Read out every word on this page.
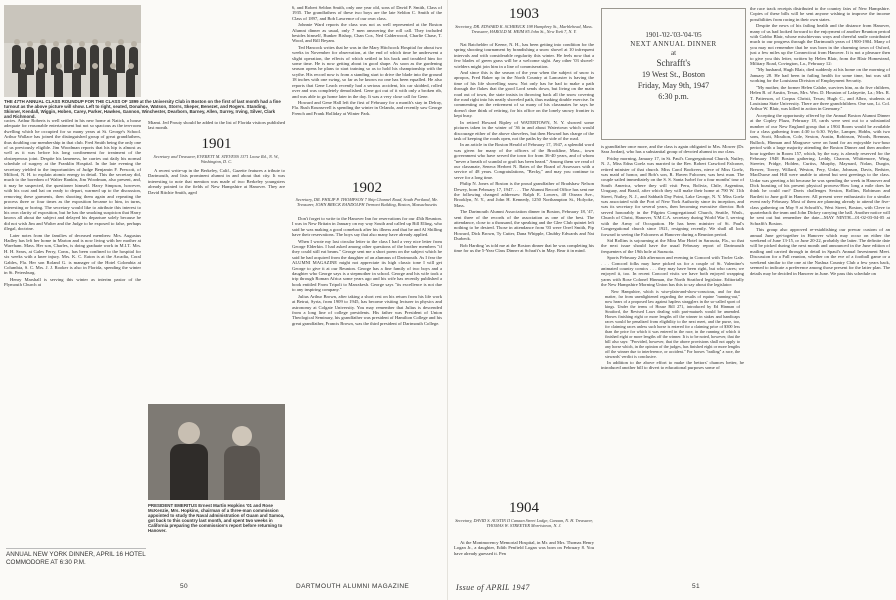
THE 47TH ANNUAL CLASS ROUNDUP FOR THE CLASS OF 1899 at the University Club in Boston on the first of last month had a fine turnout as the above picture will show. Left to right, seated, Donahoe, Watson, Storrs, Skeper, Benezet, and Rogers. Standing, Skinner, Kendall, Wiggin, Hoben, Carey, Parker, Hawkes, Gannon, Winchester, Dearborn, Barney, Allen, Surrey, Irving, Silver, Clark and Richmond.

cacies. Arthur Roberts is well settled in his new home at Natick, a house adequate for reasonable entertainment but not so spacious as the ten-room dwelling which he occupied for so many years at St. George's School. Arthur Wallace has joined the distinguished group of great grandfathers, thus doubling our membership in that club. Fred Smith being the only one of us previously eligible. Jim Woodman reports that his hip is almost as well as it was before his long confinement for treatment of the obstreperous joint. Despite his lameness, he carries out daily his normal schedule of surgery at the Franklin Hospital. In the late evening the secretary yielded to the importunities of Judge Benjamin F. Prescott, of Milford, N. H. to explain atomic energy in detail. This the secretary did, much to the boredom of Walter Rankin, Jim Woodman, also present, and, it may be suspected, the questioner himself. Harry Simpson, however, with his coat and hat on ready to depart, warmed up to the discussion, removing these garments, then shooting them again and repeating the process three or four times as the exposition became to him, in turns, interesting or boring. The secretary would like to attribute this interest to his own clarity of exposition, but he has the smoking suspicion that Harry knows all about the subject and delayed his departure solely because he did not wish Jim and Walter and the Judge to be exposed to false, perhaps illegal, doctrine.

Later notes from the families of deceased members: Mrs. Augustus Hadley has left her home in Marion and is now living with her mother at Wareham. Mass. Her son, Charles, is doing graduate work in M.I.T. Mrs. H. H. Sears, at Gales Ferry, Conn., has been confined to the hospital for six weeks with a knee injury. Mrs. K. C. Eaton is at the Arcadia, Coral Gables, Fla. Her son Roland G. is manager of the Hotel Colombia at Columbia, S. C. Mrs. J. J. Rooker is also in Florida, spending the winter in St. Petersburg.

Henry Marshall is serving this winter as interim pastor of the Plymouth Church at

ANNUAL NEW YORK DINNER, APRIL 16 HOTEL COMMODORE AT 6:30 P.M.

Miami. Jed Prouty should be added to the list of Florida visitors published last month.

1901
Secretary and Treasurer, EVERETT M. STEVENS 1371 Loose Rd., N. W., Washington, D. C.

A recent write-up in the Berkeley, Calif., Gazette features a tribute to Dartmouth, and lists prominent alumni in and about that city. It was interesting to note that mention was made of two Berkeley youngsters already pointed to the fields of New Hampshire at Hanover. They are David Ritchie Smith, aged

PRESIDENT EMERITUS Ernest Martin Hopkins '01 and Rose McKenzie, Mrs. Hopkins, chairman of a three-man commission appointed to study the Naval administration of Guam and Samoa, got back to this country last month, and spent two weeks in California preparing the commission's report before returning to Hanover.

6, and Robert Seldon Smith, only one year old, sons of David P. Smith, Class of 1935. The grandfathers of these two boys are the late Seldon C. Smith of the Class of 1897, and Bob Lawrence of our own class.

Johnnie Ward reports the class was not as well represented at the Boston Alumni dinner as usual, only 7 men answering the roll call. They included besides himself, Bunker Bishop, Chan Cox, Ned Calderwood, Charlie Chase, T. Wood, and Bill Beyam.

Ted Hancock writes that he was in the Mary Hitchcock Hospital for about two weeks in November for observation, at the end of which time he underwent a slight operation, the effects of which settled in his back and troubled him for some time. He is now getting about in good shape. As soon as the gardening season opens he plans to start training so as to hold his championship with the scythe. His record now is from a standing start to drive the blade into the ground 18 inches with one swing, so far as he knows no one has been equalled. He also reports that Gene Leach recently had a serious accident, his car skidded, rolled over and was completely demolished. Gene got out of it with only a broken rib, and was able to go home later in the day. It was a very close call for Gene.

Howard and Gene Hall left the first of February for a month's stay in Delray, Fla. Rush Rounsevell is spending the winter in Orlando, and recently saw George French and Frank Holliday at Winter Park.

1902
Secretary, DR. PHILIP P. THOMPSON 7 Ship Channel Road, South Portland, Me. Treasurer, JOHN BRECK RANDOLPH Tremont Building, Boston, Massachusetts

Don't forget to write to the Hanover Inn for reservations for our 45th Reunion. I was in New Britain in January on my way South and called up Bill Elling, who said he was making a good comeback after his illness and that he and Al Shilling have their reservations. The boys say that also many have already applied.

When I wrote my last circular letter to the class I had a very nice letter from George Elderkin. I had asked among other questions of the brother members "if they could still eat beans." George sent me a short poem on the subject which he said he had acquired from the daughter of an alumnus of Dartmouth. As I fear the ALUMNI MAGAZINE might not appreciate its high classic tone I will get George to give it at our Reunion. George has a fine family of two boys and a daughter who George says is a stepmother in school. George and his wife took a trip through Roman Africa some years ago and his wife has recently published a book entitled From Tripoli to Marrakesh. George says "its excellence is not due to any inspiring company."

Julius Arthur Brown, after taking a short rest on his return from his life work at Beirut, Syria, from 1909 to 1945, has become visiting lecturer in physics and astronomy at Colgate University. You may remember that Julius is descended from a long line of college presidents. His father was President of Union Theological Seminary, his grandfather was president of Hamilton College and his great grandfather, Francis Brown, was the third president of Dartmouth College.

50	DARTMOUTH ALUMNI MAGAZINE
1903
Secretary, DR. EDWARD K. SCHREICK 198 Humphrey St., Marblehead, Mass. Treasurer, HAROLD M. HEIM 85 John St., New York 7, N. Y.

Nat Batchelder of Keene, N. H., has been getting into condition for the spring shooting tournament by brandishing a snow shovel at 10 infrequent intervals and with considerable regularity this winter. He feels now that a few blades of green grass will be a welcome sight. Any other '03 shovel-wielders might join him in a line of commiseration.

And since this is the season of the year when the subject of snow is apropos, Fred Baker up in the North Country at Lancaster is having the time of his life shovelling snow. Not only has he had to make a path through the flakes that the good Lord sends down, but living on the main road out of town, the state insists in throwing back all the snow covering the road right into his neatly shoveled path, thus making double exercise. In commenting on the retirement of so many of his classmates he says he doesn't dare think of retiring, for his office on the lonely snowy frontier is kept busy.

In retired Howard Ripley of WATERTOWN, N. Y. showed some pictures taken in the winter of '36 in and about Watertown which would discourage either of the above shovelers, but then Howard has charge of the task of keeping the roads open, not the paths by the side of the road.

In an article in the Boston Herald of February 17, 1947, a splendid word was given for many of the officers of the Brookline, Mass., town government who have served the town for from 36-40 years, and of whom "never a breath of scandal or graft has been heard." Among them we read of our classmate, Seneca Herbert N. Bates of the Board of Assessors with a service of 48 years. Congratulations, "Becky," and may you continue to serve for a long time.

Philip N. Jones of Boston is the proud grandfather of Bradshaw Nelson Dewey, born February 17, 1947. . . . The Alumni Record Office has sent me the following changed addresses: Ralph E. Lowers, 40 Otsean Ave., Brooklyn, N. Y., and John H. Kennedy, 1250 Northampton St., Holyoke, Mass.

The Dartmouth Alumni Association dinner in Boston, February 18, '47, sent three of the records of the association as one of the best. The attendance, close to a thousand, the speaking and the Glee Club quintet left nothing to be desired. Those in attendance from '03 were Orrel Smith, Pip Howard, Dick Brown, Ty Cutter, Dana Whipple, Chubby Edwards and Nat Durbeck.

Bob Harding 'as told me at the Boston dinner that he was completing his time for us the 5-Year Class Dinner at Schraft's in May. Bear it in mind.

1904
Secretary, DAVID S. AUSTIN II Canaan Street Lodge, Canaan, N. H. Treasurer, THOMAS W. STREETER Morristown, N. J.

At the Montmorency Memorial Hospital, in Mr. and Mrs. Thomas Henry Logan Jr., a daughter, Edith Penfield Logan was born on February 8. You have already guessed it. Pen

1901-'02-'03-'04-'05
NEXT ANNUAL DINNER
at
Schrafft's
19 West St., Boston
Friday, May 9th, 1947
6:30 p.m.

is grandfather once more, and the class is again obligated to Mrs. Mower (Dr. Sara Jordan), who has a substantial group of devoted alumni in our class.

Friday morning, January 17, in St. Paul's Congregational Church, Nutley, N. J., Miss Edna Goelz was married to the Rev. Robert Crawford Falconer, retired minister of that church. Miss Carol Bookvers, niece of Miss Goelz, was maid of honor, and Bob's son, R. Haven Falconer, was best man. The couple sailed immediately on the S. S. Santa Isobel for a four months' tour of South America, where they will visit Peru, Bolivia, Chile, Argentina, Uruguay, and Brazil, after which they will make their home at 790 W. 11th Street, Nutley, N. J., and Sabbath Day Point, Lake George, N. Y. Miss Goelz was associated with the Port of New York Authority since its inception, and was its secretary for several years, then becoming executive director. Bob served honorably in the Pilgrim Congregational Church, Seattle, Wash., Church of Christ, Hanover, Y.M.C.A. secretary during World War I, serving with the Army of Occupation. He has been minister of St. Paul's Congregational church since 1921, resigning recently. We shall all look forward to seeing the Falconers at Hanover during a Reunion period.

Sid Rollins is sojourning at the Mira Mar Hotel in Sarasota, Fla., so that the next issue should have the usual February report of Dartmouth frequenters of the 19th hole at Sarasota.

Sports February 24th afternoon and evening in Concord with Tiwler Gale. . . . Concord folks may have picked us for a couple of St. Valentine's animated country comics . . . they may have been right, but who cares; we enjoyed it, too. In recent Concord visits we have both enjoyed wrapping yarns with Rose Colonel Hinman, the North Stratford legislator. Editorially the New Hampshire Morning Union has this to say about the legislator:

New Hampshire, which is wise-plain-and-show-conscious, and for that matter, far from unenlightened regarding the results of equine "running-out," now hears of a proposed law against hapless stragglers in the so-called sport of kings. Under the terms of House Bill 271, introduced by Ed Hinman of Stratford, the Revised Laws dealing with pari-mutuels would be amended. Horses finishing eight or more lengths off the winner in stakes and handicaps races would be penalized from eligibility to the next meet, and the purse, too, for claiming races unless such horse is entered for a claiming price of $300 less than the price for which it was entered in the race, in the running of which it finished eight or more lengths off the winner. It is to be noted, however, that the bill also says: "Provided, however, that the above provisions shall not apply to any horse which, in the opinion of the judges, has finished eight or more lengths off the winner due to interference, or accident." For horses "trailing" a race, the stewards' verdict is conclusive.

In addition to the above effort to make the bettors' chances better, he introduced another bill to divert to educational purposes some of

the race track receipts distributed to the country fairs of New Hampshire. Copies of these bills will be sent anyone wishing to improve the income possibilities from racing in their own states.

Despite the news of his failing health and the distance from Hanover, many of us had looked forward to the enjoyment of another Reunion period with Gobbo Blair, whose mischievous ways and cheerful smile contributed much to our progress through the Dartmouth years of 1900-1904. Many of you may not remember that he was born in the charming town of Oxford, just a few miles up the Connecticut from Hanover. It is not a pleasure then to give you this letter, written by Helen Blair, from the Blair Homestead, Military Road, Covington, La., February 12:

"My husband, Hugh Blair, died suddenly at his home on the morning of January 28. He had been in failing health for some time, but was still working for the Louisiana Division of Employment Security.

"My mother, the former Helen Calahe, survives him, as do five children, Helen B. of Austin, Texas, Mrs. Wm. D. Houston of Lafayette, La.; Mrs. R. T. Patterson, of Corpus Christi, Texas; Hugh C., and Albro, students at Louisiana State University. There are three grandchildren. One son, Lt. Col. Arthur W. Blair, was killed in action in Germany."

Accepting the opportunity offered by the Annual Boston Alumni Dinner at the Copley Plaza, February 18, cards were sent out to a substantial number of our New England group that a 1904 Room would be available for a class gathering from 4:30 to 6:30. Wylie, Lamper, Hobbs, with two sons, Scott, Moulton, Cole, Sexton, Austin, Robinson, Woods, Brennan, Bullock, Hinman and Margrave were on hand for an enjoyable two-hour period with a large majority attending the Boston Dinner and then another hour together in Room 157, which, by the way, is already reserved for the February 1948 Boston gathering. Leddy, Charron, Whittemore, Wing, Streeter, Pridge, Holden, Curtiss, Murphy, Maynard, Nolan, Durgin, Brewer, Torrey, Willard, Weston, Fery, Urdar, Johnson, Davis, Redster, MacDuose and Hill were unable to attend but sent greetings to the class. Urdar was greeting a bit because he was spending the week in Hanover and Dick boasting of his present physical prowess-How long a mile does he think he could run? Davis challenges Sexton, Rollins, Robinson and Bartlett to June golf in Hanover. All present were enthusiastic for a similar event early February. Most of them are planning already to attend the five-class gathering on May 9 at Schrafft's, West Street, Boston, with Cleve to quarterback the team and John Dickey carrying the ball. Another notice will be sent out but remember the date—MAY NINTH—01-02-03-04-05 at Schrafft's Boston.

This group also approved re-establishing our prewar custom of an annual June get-together in Hanover which may occur on either the weekend of June 13-15, or June 20-22, probably the latter. The definite date will be picked during the next month and announced in the June edition of mailing and carried through in detail in Spaul's Annual Investment Meet. Discussion for a Fall reunion, whether on the eve of a football game or a weekend similar to the one at the Nashua Country Club a few years back, seemed to indicate a preference among those present for the latter plan. The details may be decided in Hanover in June. We pass this schedule on

Issue of APRIL 1947	51
